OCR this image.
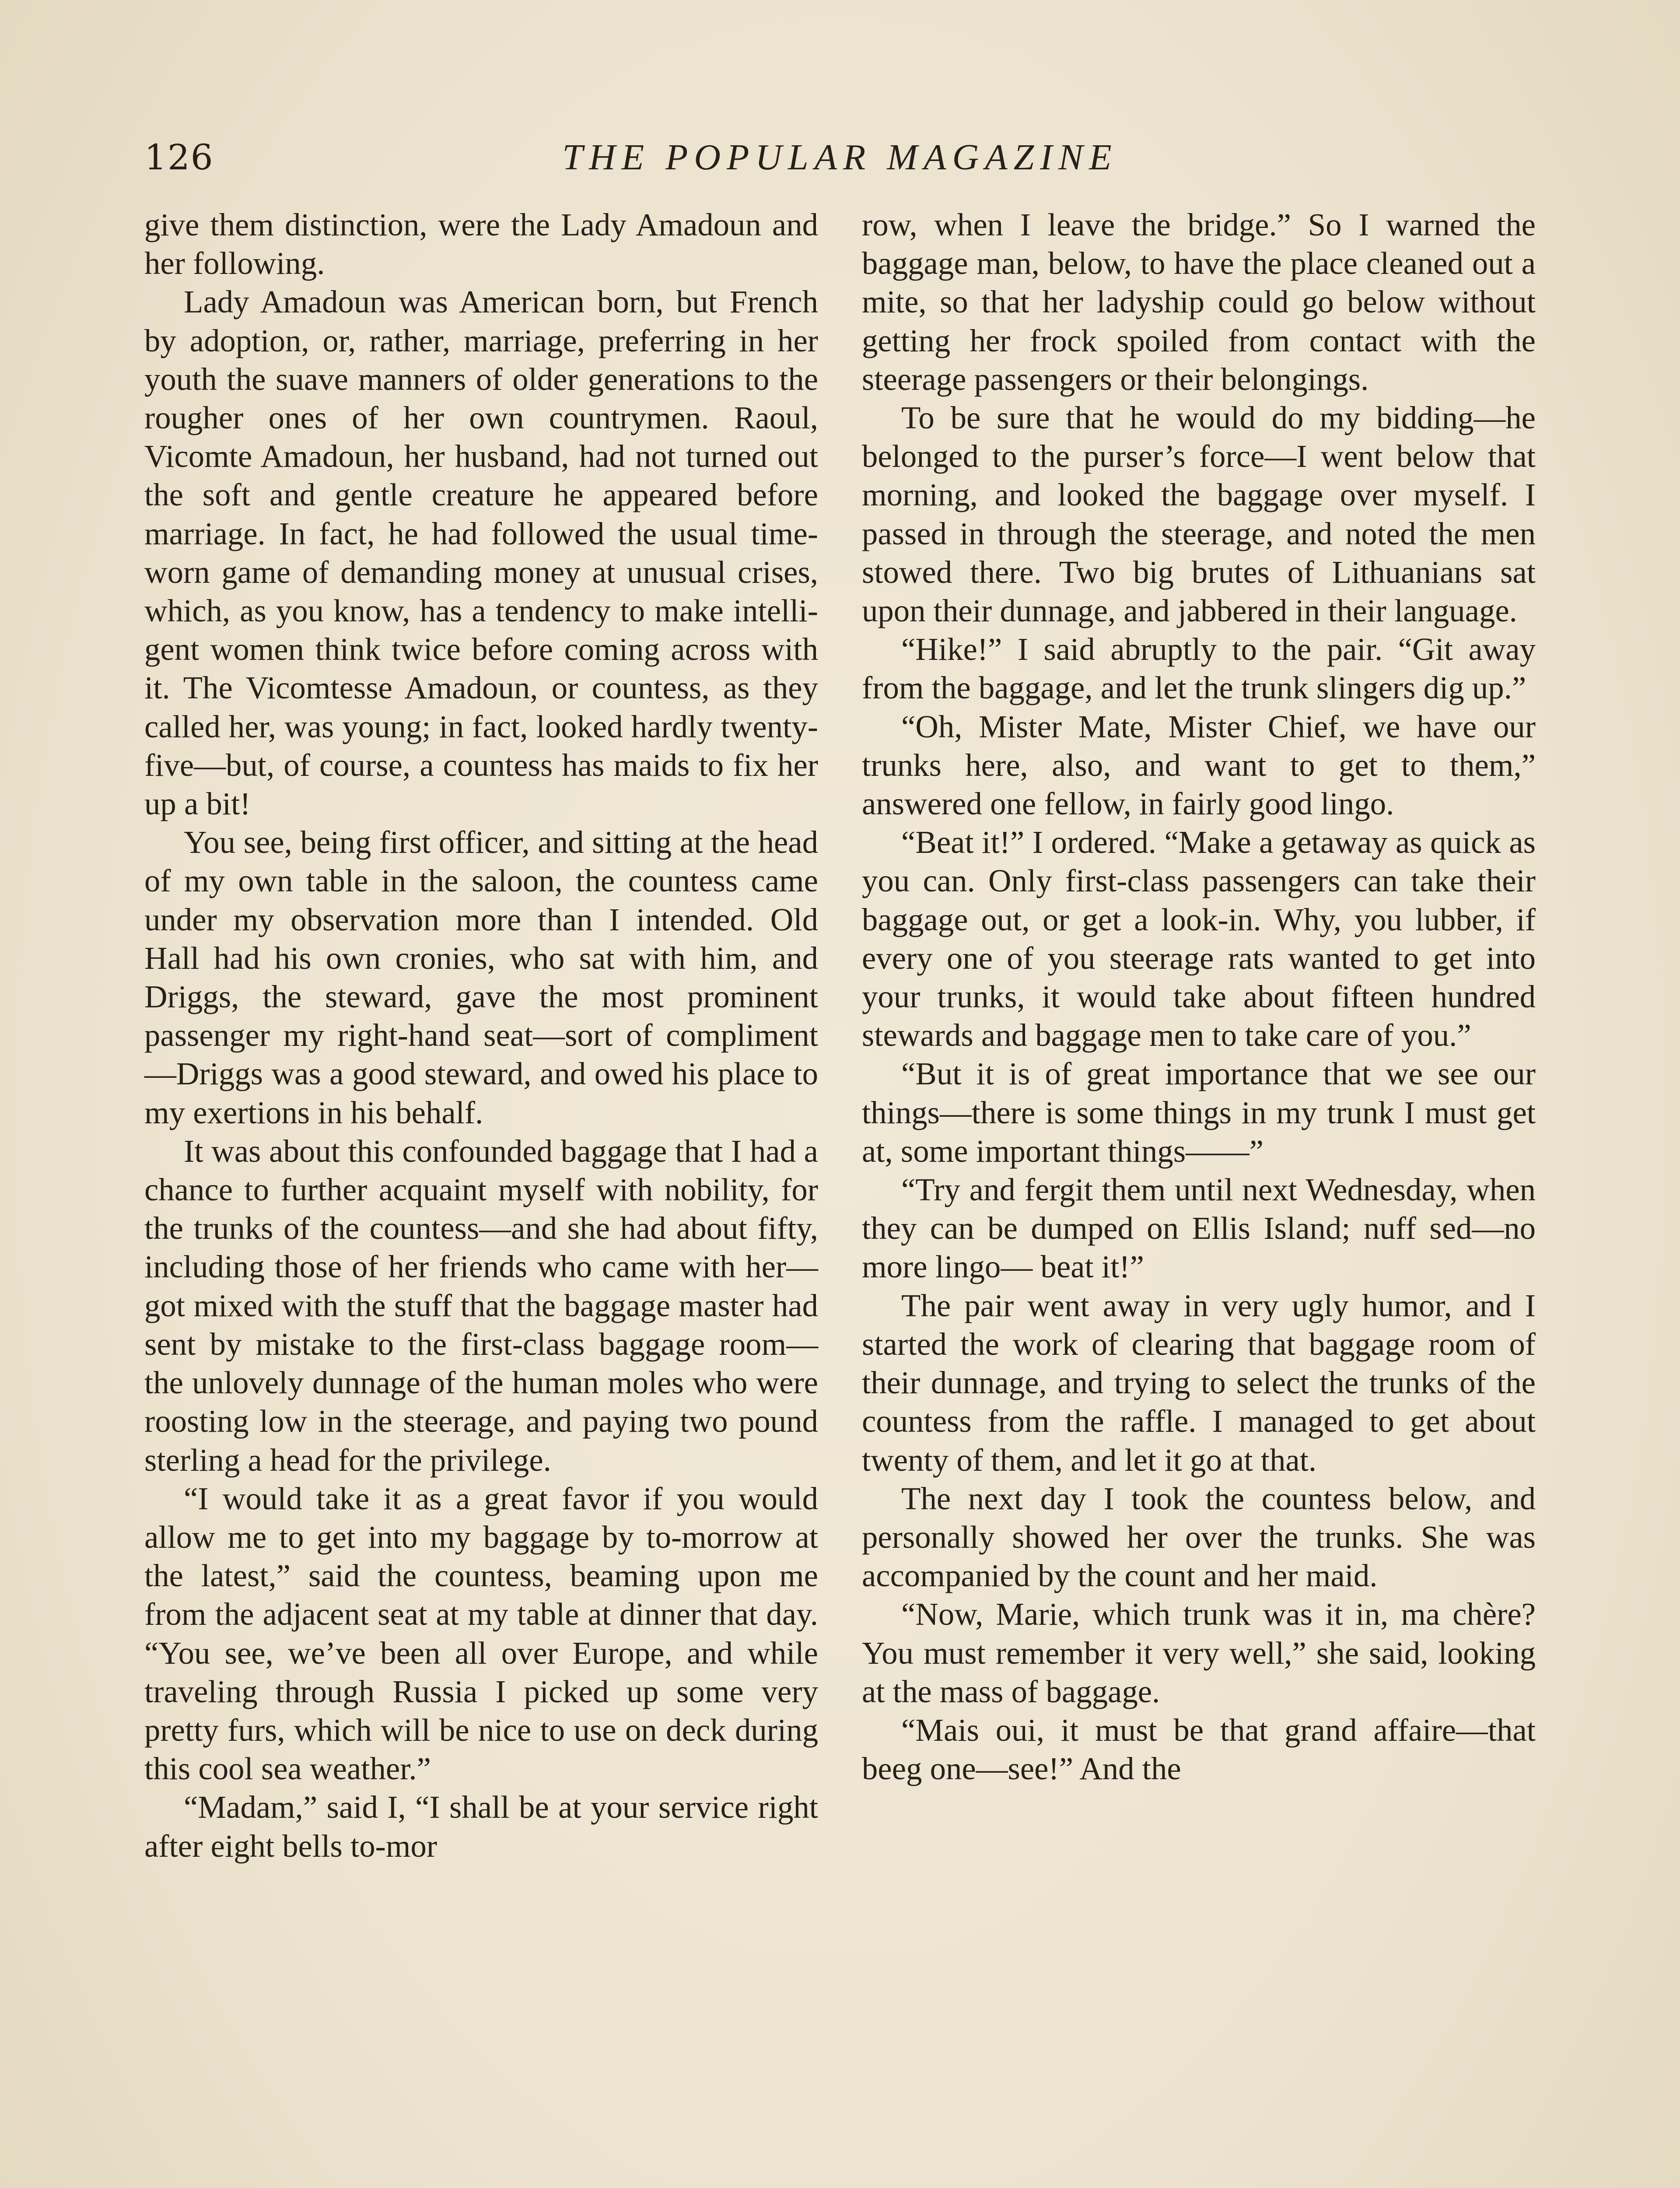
126	THE POPULAR MAGAZINE

give them distinction, were the Lady Amadoun and her following.

Lady Amadoun was American born, but French by adoption, or, rather, marriage, preferring in her youth the suave manners of older generations to the rougher ones of her own countrymen. Raoul, Vicomte Amadoun, her husband, had not turned out the soft and gentle creature he appeared before marriage. In fact, he had followed the usual time-worn game of demanding money at unusual crises, which, as you know, has a tendency to make intelligent women think twice before coming across with it. The Vicomtesse Amadoun, or countess, as they called her, was young; in fact, looked hardly twenty-five—but, of course, a countess has maids to fix her up a bit!

You see, being first officer, and sitting at the head of my own table in the saloon, the countess came under my observation more than I intended. Old Hall had his own cronies, who sat with him, and Driggs, the steward, gave the most prominent passenger my right-hand seat—sort of compliment—Driggs was a good steward, and owed his place to my exertions in his behalf.

It was about this confounded baggage that I had a chance to further acquaint myself with nobility, for the trunks of the countess—and she had about fifty, including those of her friends who came with her—got mixed with the stuff that the baggage master had sent by mistake to the first-class baggage room— the unlovely dunnage of the human moles who were roosting low in the steerage, and paying two pound sterling a head for the privilege.

“I would take it as a great favor if you would allow me to get into my baggage by to-morrow at the latest,” said the countess, beaming upon me from the adjacent seat at my table at dinner that day. “You see, we’ve been all over Europe, and while traveling through Russia I picked up some very pretty furs, which will be nice to use on deck during this cool sea weather.”

“Madam,” said I, “I shall be at your service right after eight bells to-mor

row, when I leave the bridge.” So I warned the baggage man, below, to have the place cleaned out a mite, so that her ladyship could go below without getting her frock spoiled from contact with the steerage passengers or their belongings.

To be sure that he would do my bidding—he belonged to the purser’s force—I went below that morning, and looked the baggage over myself. I passed in through the steerage, and noted the men stowed there. Two big brutes of Lithuanians sat upon their dunnage, and jabbered in their language.

“Hike!” I said abruptly to the pair. “Git away from the baggage, and let the trunk slingers dig up.”

“Oh, Mister Mate, Mister Chief, we have our trunks here, also, and want to get to them,” answered one fellow, in fairly good lingo.

“Beat it!” I ordered. “Make a getaway as quick as you can. Only first-class passengers can take their baggage out, or get a look-in. Why, you lubber, if every one of you steerage rats wanted to get into your trunks, it would take about fifteen hundred stewards and baggage men to take care of you.”

“But it is of great importance that we see our things—there is some things in my trunk I must get at, some important things——”

“Try and fergit them until next Wednesday, when they can be dumped on Ellis Island; nuff sed—no more lingo— beat it!”

The pair went away in very ugly humor, and I started the work of clearing that baggage room of their dunnage, and trying to select the trunks of the countess from the raffle. I managed to get about twenty of them, and let it go at that.

The next day I took the countess below, and personally showed her over the trunks. She was accompanied by the count and her maid.

“Now, Marie, which trunk was it in, ma chère? You must remember it very well,” she said, looking at the mass of baggage.

“Mais oui, it must be that grand affaire—that beeg one—see!” And the
